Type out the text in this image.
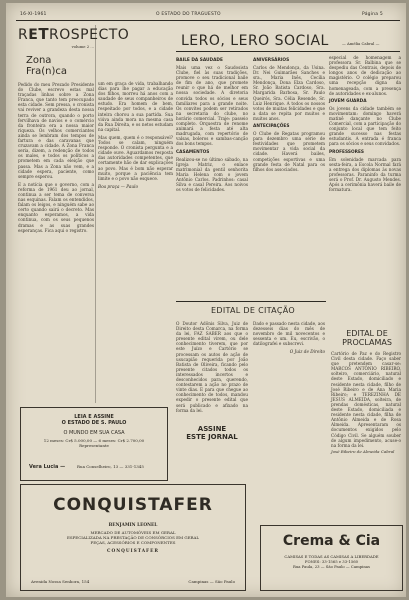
16-XI-1961	O ESTADO DO TRAGUESTO	Página 5
RETROSPECTO
volume 2 ...
Zona Fra(n)ca
Pedido do meu Prezado Presidente do Clube, escrevo estas mal traçadas linhas sobre a Zona Franca, que tanto tem preocupado esta cidade. Sem pressa, o cronista vai reviver a grandeza desta nossa terra de outrora, quando o porto fervilhava de navios e o comércio da fronteira era a nossa maior riqueza. Os velhos comerciantes ainda se lembram dos tempos de fartura e das caravanas que cruzavam a cidade. A Zona Franca seria, dizem, a redenção de todos os males, e todos os políticos a prometem em cada eleição que passa. Mas a Zona não vem, e a cidade espera, paciente, como sempre esperou.
E a notícia que o governo, com a reforma de 1961 deu ao jornal, continua a ser tema de conversa nas esquinas. Falam os entendidos, falam os leigos, e ninguém sabe ao certo quando sairá o decreto. Mas enquanto esperamos, a vida continua, com os seus pequenos dramas e as suas grandes esperanças. Fica aqui o registro.
um em graça de vida, trabalhando dias para lhe pagar a educação dos filhos, morreu há anos com a saudade de seus companheiros de estudo. Era homem de bem, respeitado por todos, e a cidade inteira chorou a sua partida. Sua viúva ainda mora na mesma casa da Rua Direita, e os netos estudam na capital.
Mas quem, quem é o responsável? Todos se calam, ninguém responde. O cronista pergunta e a cidade ouve. Aguardamos resposta das autoridades competentes, que certamente hão de dar explicações ao povo. Mas é bom não esperar muito, porque a paciência tem limite e o povo não esquece.
Boa praça — Paulo
LEIA E ASSINE
O ESTADO DE S. PAULO
O MUNDO EM SUA CASA
12 meses: Cr$ 5.000,00 — 6 meses: Cr$ 2.700,00
Representante
Vera Lucia —	Rua Conselheiro, 13 — 331-1345
LERO, LERO SOCIAL	— Amélia Cabral —
BAILE DA SAUDADE
Mais uma vez o Saudosista Clube, fiel às suas tradições, promove o seu tradicional baile de fim de ano, que promete reunir o que há de melhor em nossa sociedade. A diretoria convida todos os sócios e seus familiares para a grande noite. Os convites podem ser retirados na secretaria do clube, no horário comercial. Traje: passeio completo. Orquestra de renome animará a festa até alta madrugada, com repertório de valsas, boleros e sambas-canção dos bons tempos.
CASAMENTOS
Realizou-se no último sábado, na Igreja Matriz, o enlace matrimonial da gentil senhorita Maria Helena com o jovem Antônio Carlos. Padrinhos: casal Silva e casal Pereira. Aos noivos os votos de felicidades.
ANIVERSÁRIOS
Carlos de Mendonça, da Usina. Dr. Nei Guimarães Sanches e sra., Maria Inês, Cecília Mendonça, Dona Elza Cardoso, Sr. João Batista Cardoso, Sra. Margarida Barbosa, Sr. Paulo Queirós, Sra. Célia Resende, Sr. Luiz Henrique. A todos os nossos votos de muitas felicidades e que a data se repita por muitos e muitos anos.
ANTECIPAÇÕES
O Clube de Regatas programou para dezembro uma série de festividades que prometem movimentar a vida social da cidade. Haverá bailes, competições esportivas e uma grande festa de Natal para os filhos dos associados.
especial de homenagem a professora Sr. Balbina que se despediu das Centrais, depois de longos anos de dedicação ao magistério. O colégio preparou uma recepção digna da homenageada, com a presença de autoridades e ex-alunos.
JOVEM GUARDA
Os jovens da cidade também se movimentam: domingo haverá matinê dançante no Clube Comercial, com a participação do conjunto local que tem feito grande sucesso nas festas estudantis. A entrada é franca para os sócios e seus convidados.
PROFESSORES
Em solenidade marcada para sexta-feira, a Escola Normal fará a entrega dos diplomas às novas professoras. Paraninfo da turma será o Prof. Dr. Augusto Mendes. Após a cerimônia haverá baile de formatura.
EDITAL DE CITAÇÃO
O Doutor Adônis Silva, Juiz de Direito desta Comarca, na forma da lei, FAZ SABER aos que o presente edital virem, ou dele conhecimento tiverem, que por este Juízo e Cartório se processam os autos de ação de usucapião requerida por João Batista de Oliveira, ficando pelo presente citados todos os interessados incertos e desconhecidos para, querendo, contestarem a ação no prazo de vinte dias. E para que chegue ao conhecimento de todos, mandou expedir o presente edital que será publicado e afixado na forma da lei.
Dado e passado nesta cidade, aos dezesseis dias do mês de novembro de mil novecentos e sessenta e um. Eu, escrivão, o datilografei e subscrevi.
O Juiz de Direito
ASSINE
ESTE JORNAL
EDITAL DE PROCLAMAS
Cartório de Paz e do Registro Civil desta cidade. Faço saber que pretendem casar-se: MARCOS ANTÔNIO RIBEIRO, solteiro, comerciário, natural deste Estado, domiciliado e residente nesta cidade, filho de José Ribeiro e de Ana Maria Ribeiro; e TEREZINHA DE JESUS ALMEIDA, solteira, de prendas domésticas, natural deste Estado, domiciliada e residente nesta cidade, filha de Antônio Almeida e de Rosa Almeida. Apresentaram os documentos exigidos pelo Código Civil. Se alguém souber de algum impedimento, acuse-o na forma da lei.
José Ribeiro de Almeida Cabral
CONQUISTAFER
BENJAMIN LEONEL
MERCADO DE AUTOMÓVEIS EM GERAL
ESPECIALIZADA NA PRESTAÇÃO DE CONSÓRCIOS EM GERAL
PEÇAS, ACESSÓRIOS E COMPONENTES
CONQUISTAFER
Avenida Nossa Senhora, 154	Campinas — São Paulo
Crema & Cia
CAMISAS E TODAS AS CAMISAS A LIBERDADE
FONES: 33-1565 e 33-1560
Rua Paula, 23 — São Paulo — Campinas
